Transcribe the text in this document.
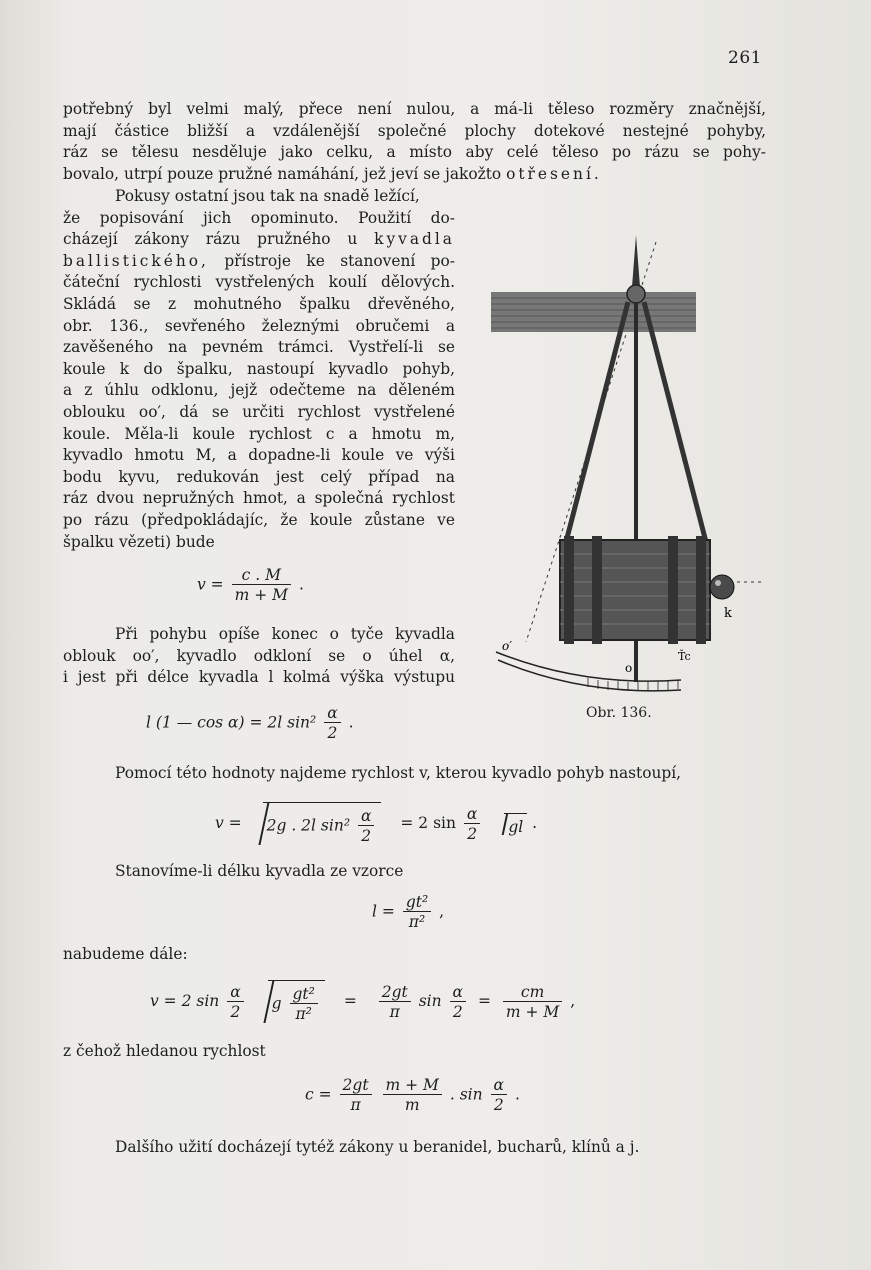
261
potřebný byl velmi malý, přece není nulou, a má-li těleso rozměry značnější,
mají částice bližší a vzdálenější společné plochy dotekové nestejné pohyby,
ráz se tělesu nesděluje jako celku, a místo aby celé těleso po rázu se pohy-
bovalo, utrpí pouze pružné namáhání, jež jeví se jakožto otřesení.
Pokusy ostatní jsou tak na snadě ležící,
že popisování jich opominuto. Použití do-
cházejí zákony rázu pružného u kyvadla
ballistického, přístroje ke stanovení po-
čáteční rychlosti vystřelených koulí dělových.
Skládá se z mohutného špalku dřevěného,
obr. 136., sevřeného železnými obručemi a
zavěšeného na pevném trámci. Vystřelí-li se
koule k do špalku, nastoupí kyvadlo pohyb,
a z úhlu odklonu, jejž odečteme na děleném
oblouku oo′, dá se určiti rychlost vystřelené
koule. Měla-li koule rychlost c a hmotu m,
kyvadlo hmotu M, a dopadne-li koule ve výši
bodu kyvu, redukován jest celý případ na
ráz dvou nepružných hmot, a společná rychlost
po rázu (předpokládajíc, že koule zůstane ve
špalku vězeti) bude
$v = \frac{c . M}{m + M}$ .
Při pohybu opíše konec o tyče kyvadla
oblouk oo′, kyvadlo odkloní se o úhel α,
i jest při délce kyvadla l kolmá výška výstupu
l (1 — cos α) = 2l $\sin^2 \frac{\alpha}{2}$ .
o′
o
k
Ťc
Obr. 136.
Pomocí této hodnoty najdeme rychlost v, kterou kyvadlo pohyb nastoupí,
v = 2g . 2l $\sin^2 \frac{\alpha}{2} = 2$ $\sin \frac{\alpha}{2}$ gl .
Stanovíme-li délku kyvadla ze vzorce
$l = \frac{\text{gt²}}{\text{π²}}$ ,
nabudeme dále:
v = 2 $\sin \frac{\alpha}{2}$ g $\frac{\text{gt²}}{\text{π²}} = \frac{2gt}{\pi}$ $\sin \frac{\alpha}{2} = \frac{cm}{m + M}$ ,
z čehož hledanou rychlost
$c = \frac{2gt}{\pi}$
$\frac{m + M}{m}$ . $\sin \frac{\alpha}{2}$ .
Dalšího užití docházejí tytéž zákony u beranidel, bucharů, klínů a j.
